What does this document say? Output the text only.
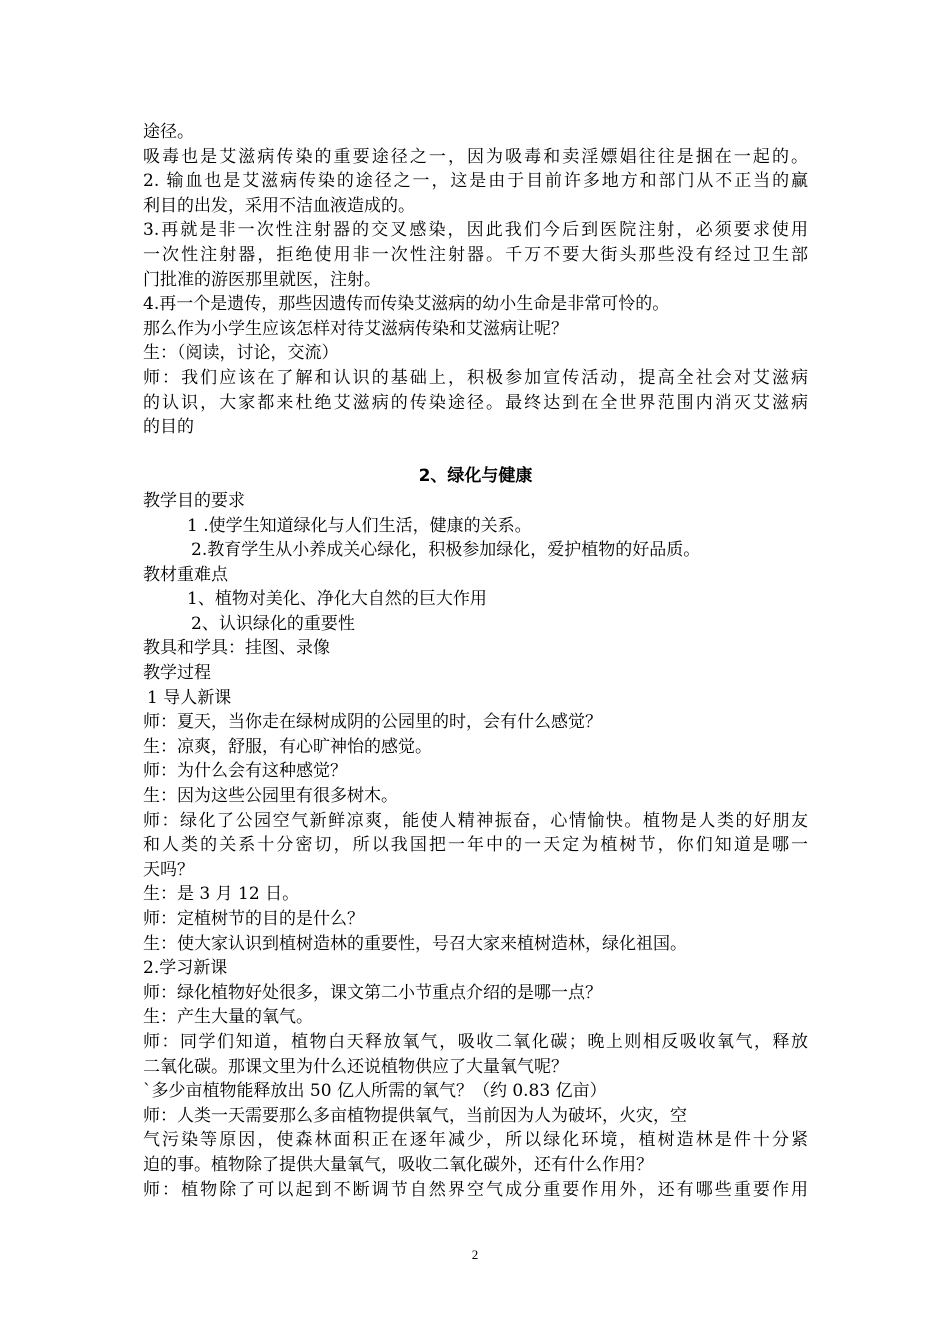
途径。
吸毒也是艾滋病传染的重要途径之一，因为吸毒和卖淫嫖娼往往是捆在一起的。
2. 输血也是艾滋病传染的途径之一，这是由于目前许多地方和部门从不正当的赢
利目的出发，采用不洁血液造成的。
3.再就是非一次性注射器的交叉感染，因此我们今后到医院注射，必须要求使用
一次性注射器，拒绝使用非一次性注射器。千万不要大街头那些没有经过卫生部
门批准的游医那里就医，注射。
4.再一个是遗传，那些因遗传而传染艾滋病的幼小生命是非常可怜的。
那么作为小学生应该怎样对待艾滋病传染和艾滋病让呢？
生：（阅读，讨论，交流）
师：我们应该在了解和认识的基础上，积极参加宣传活动，提高全社会对艾滋病
的认识，大家都来杜绝艾滋病的传染途径。最终达到在全世界范围内消灭艾滋病
的目的
2、绿化与健康
教学目的要求
1 .使学生知道绿化与人们生活，健康的关系。
2.教育学生从小养成关心绿化，积极参加绿化，爱护植物的好品质。
教材重难点
1、植物对美化、净化大自然的巨大作用
2、认识绿化的重要性
教具和学具：挂图、录像
教学过程
1 导人新课
师：夏天，当你走在绿树成阴的公园里的时，会有什么感觉？
生：凉爽，舒服，有心旷神怡的感觉。
师：为什么会有这种感觉？
生：因为这些公园里有很多树木。
师：绿化了公园空气新鲜凉爽，能使人精神振奋，心情愉快。植物是人类的好朋友
和人类的关系十分密切，所以我国把一年中的一天定为植树节，你们知道是哪一
天吗？
生：是 3 月 12 日。
师：定植树节的目的是什么？
生：使大家认识到植树造林的重要性，号召大家来植树造林，绿化祖国。
2.学习新课
师：绿化植物好处很多，课文第二小节重点介绍的是哪一点？
生：产生大量的氧气。
师：同学们知道，植物白天释放氧气，吸收二氧化碳；晚上则相反吸收氧气，释放
二氧化碳。那课文里为什么还说植物供应了大量氧气呢？
`多少亩植物能释放出 50 亿人所需的氧气？（约 0.83 亿亩）
师：人类一天需要那么多亩植物提供氧气，当前因为人为破坏，火灾，空
气污染等原因，使森林面积正在逐年减少，所以绿化环境，植树造林是件十分紧
迫的事。植物除了提供大量氧气，吸收二氧化碳外，还有什么作用？
师：植物除了可以起到不断调节自然界空气成分重要作用外，还有哪些重要作用
2
